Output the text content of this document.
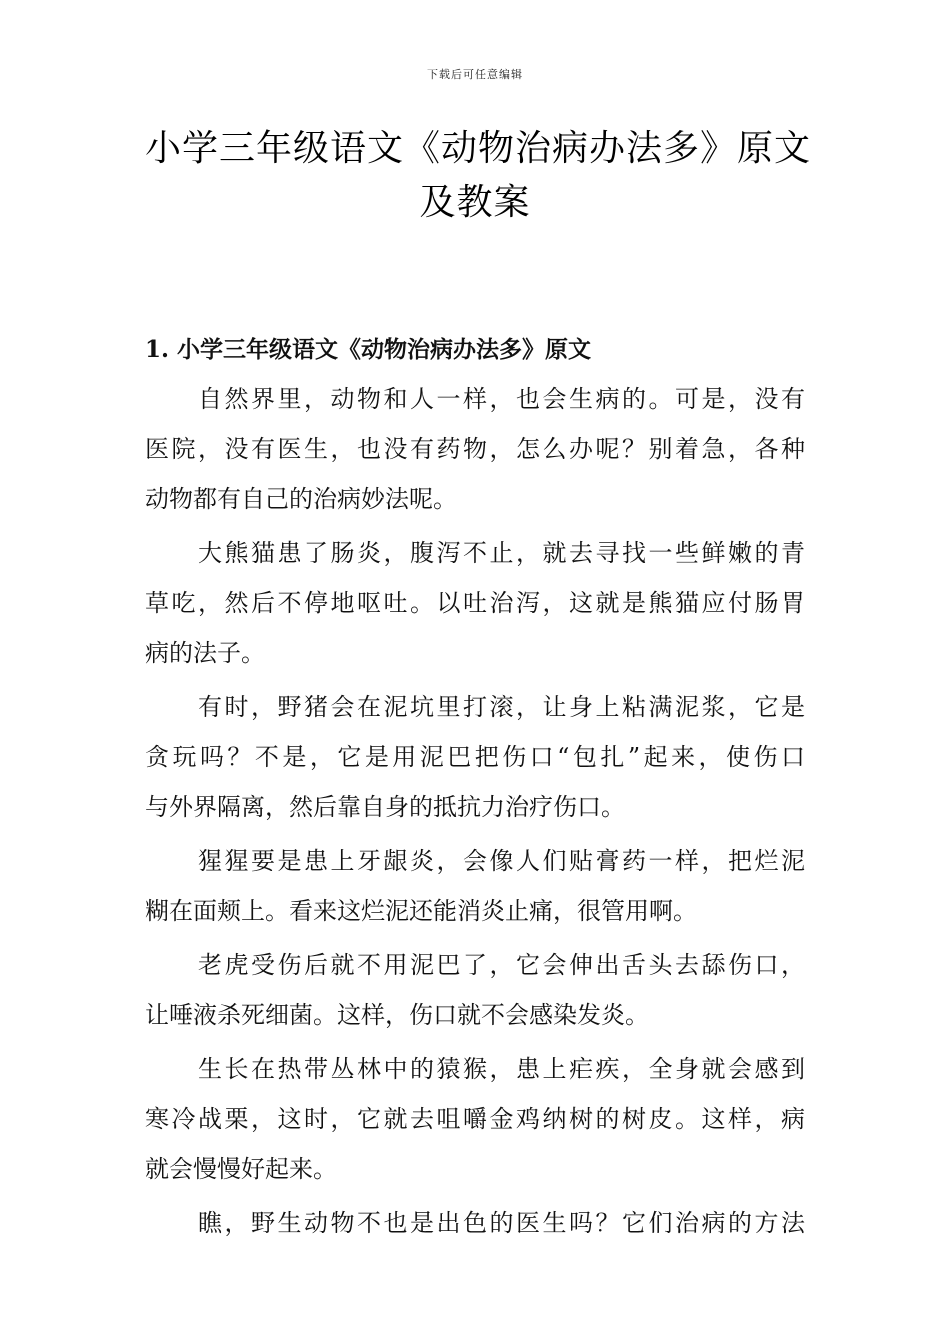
下载后可任意编辑
小学三年级语文《动物治病办法多》原文
及教案
1. 小学三年级语文《动物治病办法多》原文

自然界里，动物和人一样，也会生病的。可是，没有
医院，没有医生，也没有药物，怎么办呢？别着急，各种
动物都有自己的治病妙法呢。

大熊猫患了肠炎，腹泻不止，就去寻找一些鲜嫩的青
草吃，然后不停地呕吐。以吐治泻，这就是熊猫应付肠胃
病的法子。

有时，野猪会在泥坑里打滚，让身上粘满泥浆，它是
贪玩吗？不是，它是用泥巴把伤口“包扎”起来，使伤口
与外界隔离，然后靠自身的抵抗力治疗伤口。

猩猩要是患上牙龈炎，会像人们贴膏药一样，把烂泥
糊在面颊上。看来这烂泥还能消炎止痛，很管用啊。

老虎受伤后就不用泥巴了，它会伸出舌头去舔伤口，
让唾液杀死细菌。这样，伤口就不会感染发炎。

生长在热带丛林中的猿猴，患上疟疾，全身就会感到
寒冷战栗，这时，它就去咀嚼金鸡纳树的树皮。这样，病
就会慢慢好起来。

瞧，野生动物不也是出色的医生吗？它们治病的方法
